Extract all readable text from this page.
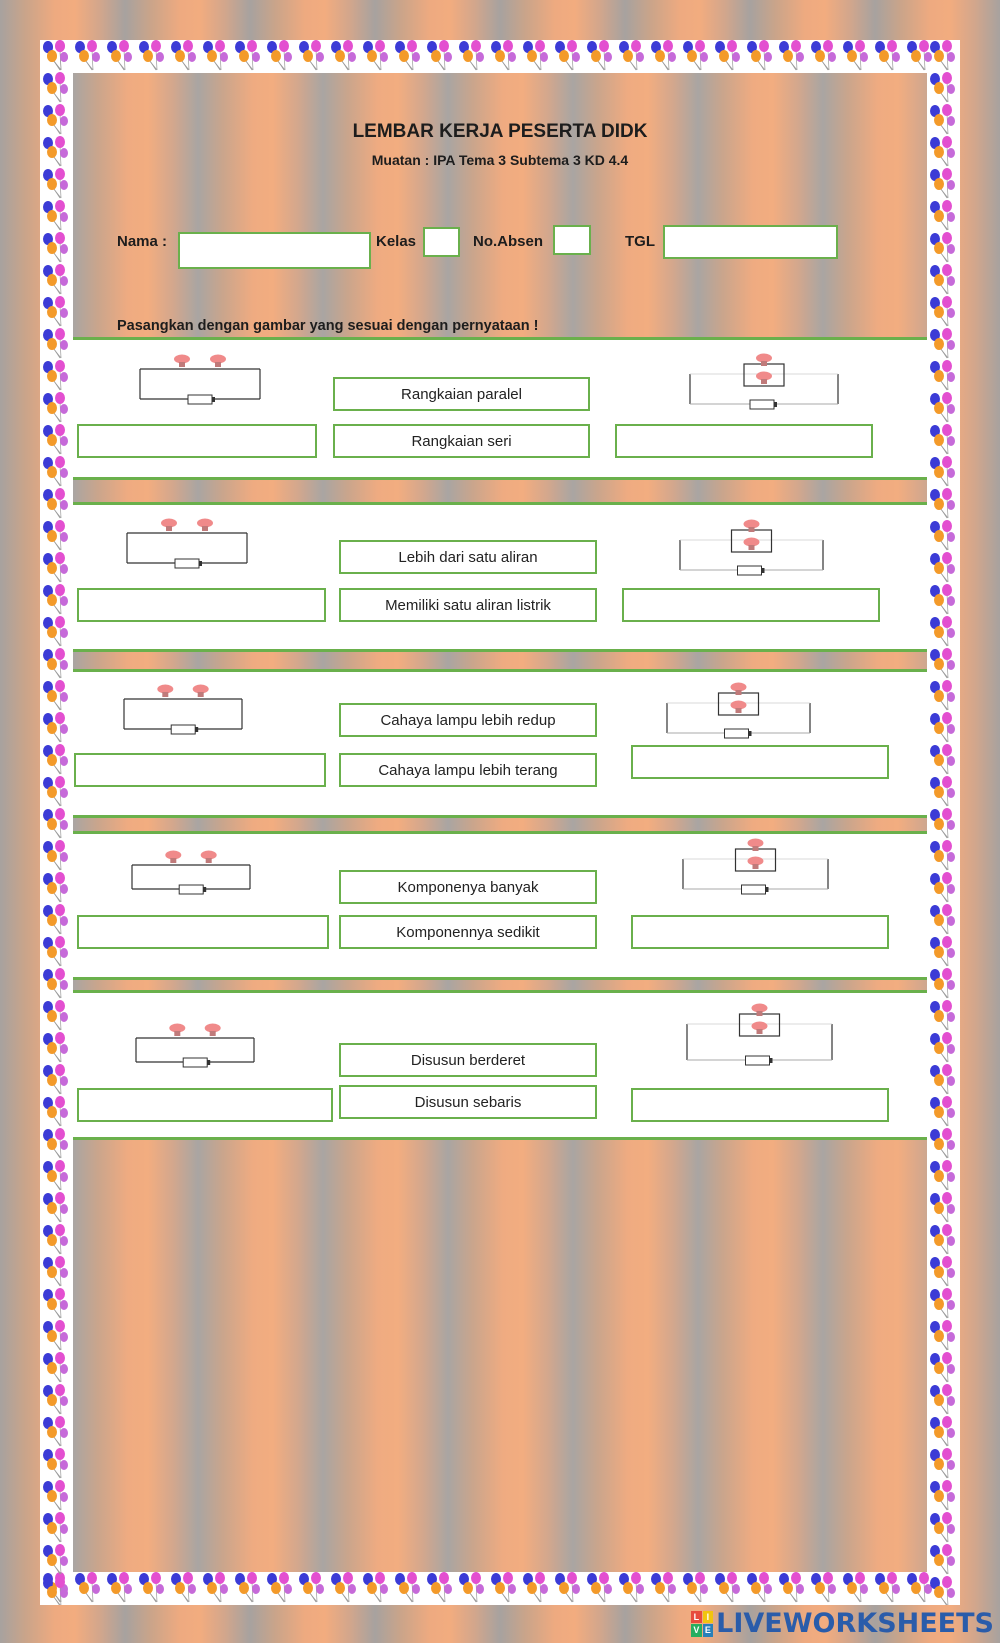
LEMBAR KERJA PESERTA DIDK
Muatan : IPA Tema 3 Subtema 3 KD 4.4
Nama :	Kelas	No.Absen	TGL
Pasangkan dengan gambar yang sesuai dengan pernyataan !
Rangkaian paralel
Rangkaian seri
Lebih dari satu aliran
Memiliki satu aliran listrik
Cahaya lampu lebih redup
Cahaya lampu lebih terang
Komponenya banyak
Komponennya sedikit
Disusun berderet
Disusun sebaris
L I
V E LIVEWORKSHEETS
